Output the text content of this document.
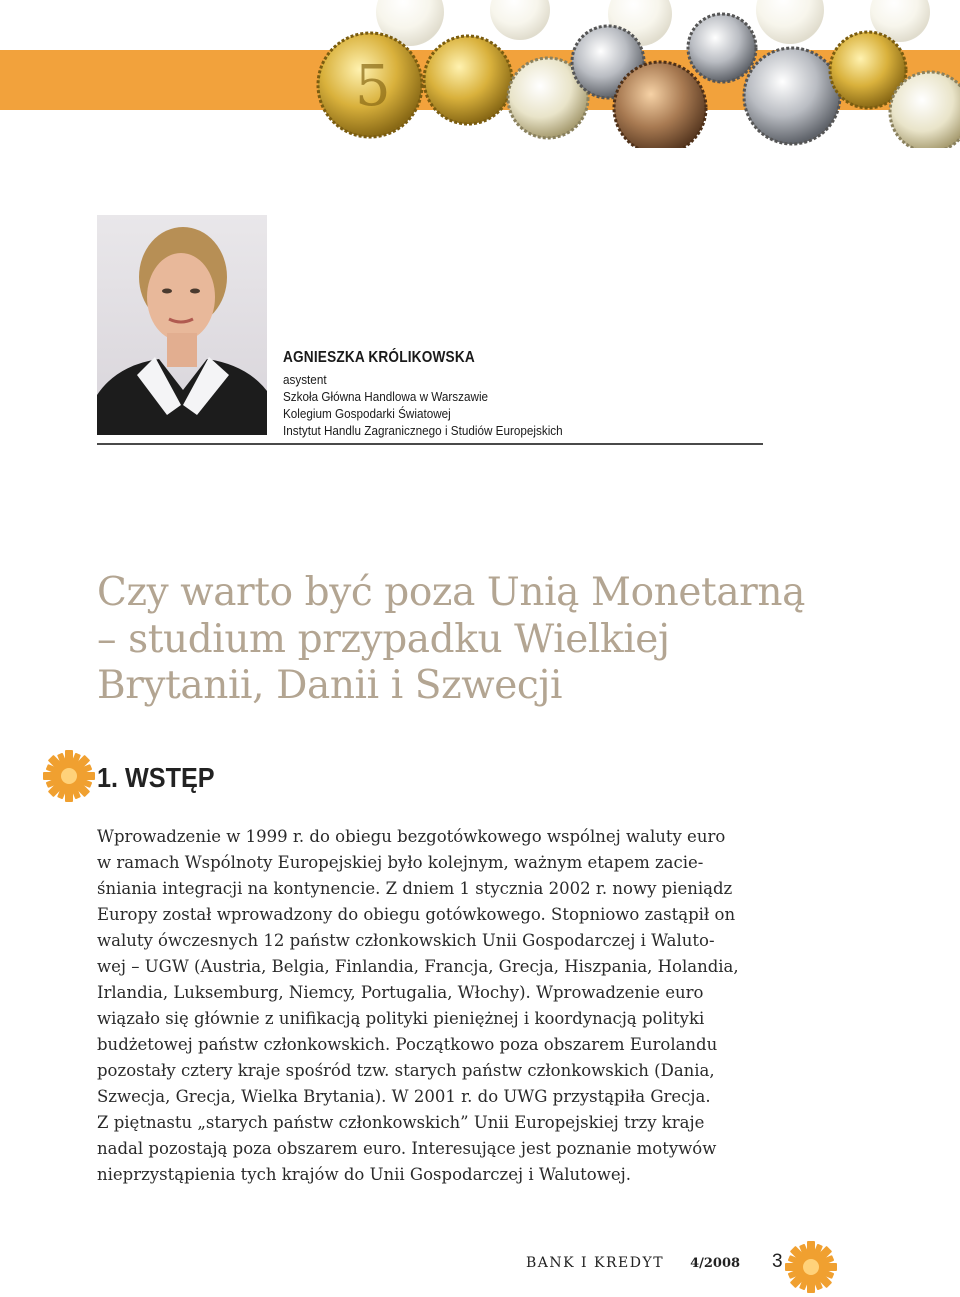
5
AGNIESZKA KRÓLIKOWSKA
asystent
Szkoła Główna Handlowa w Warszawie
Kolegium Gospodarki Światowej
Instytut Handlu Zagranicznego i Studiów Europejskich
Czy warto być poza Unią Monetarną
– studium przypadku Wielkiej
Brytanii, Danii i Szwecji
1. WSTĘP
Wprowadzenie w 1999 r. do obiegu bezgotówkowego wspólnej waluty euro
w ramach Wspólnoty Europejskiej było kolejnym, ważnym etapem zacie-
śniania integracji na kontynencie. Z dniem 1 stycznia 2002 r. nowy pieniądz
Europy został wprowadzony do obiegu gotówkowego. Stopniowo zastąpił on
waluty ówczesnych 12 państw członkowskich Unii Gospodarczej i Waluto-
wej – UGW (Austria, Belgia, Finlandia, Francja, Grecja, Hiszpania, Holandia,
Irlandia, Luksemburg, Niemcy, Portugalia, Włochy). Wprowadzenie euro
wiązało się głównie z unifikacją polityki pieniężnej i koordynacją polityki
budżetowej państw członkowskich. Początkowo poza obszarem Eurolandu
pozostały cztery kraje spośród tzw. starych państw członkowskich (Dania,
Szwecja, Grecja, Wielka Brytania). W 2001 r. do UWG przystąpiła Grecja.
Z piętnastu „starych państw członkowskich” Unii Europejskiej trzy kraje
nadal pozostają poza obszarem euro. Interesujące jest poznanie motywów
nieprzystąpienia tych krajów do Unii Gospodarczej i Walutowej.
BANK I KREDYT 4/2008 3
